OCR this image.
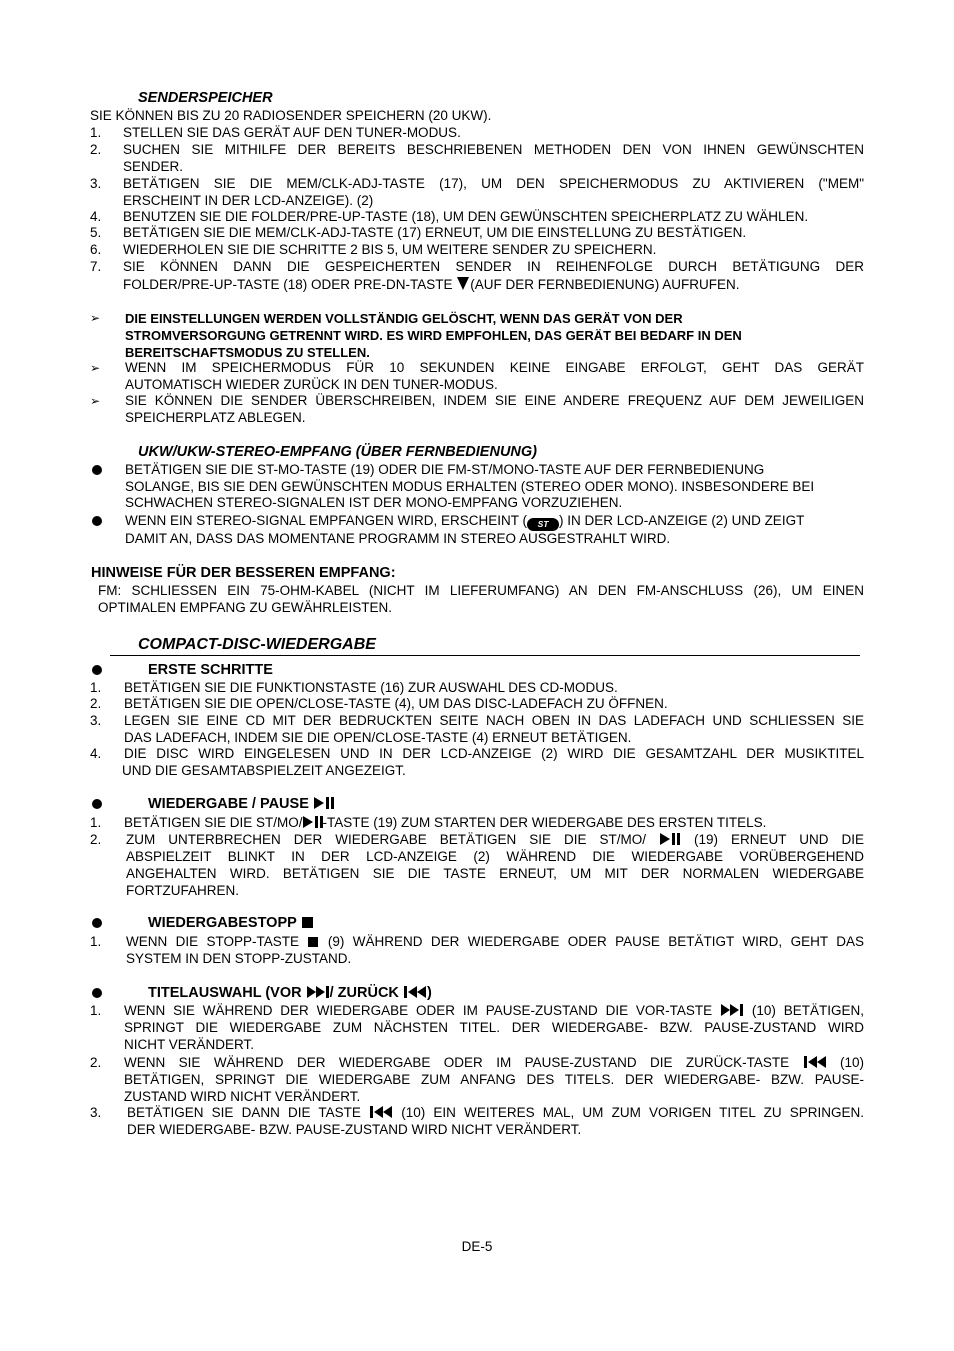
SENDERSPEICHER
SIE KÖNNEN BIS ZU 20 RADIOSENDER SPEICHERN (20 UKW).
1. STELLEN SIE DAS GERÄT AUF DEN TUNER-MODUS.
2. SUCHEN SIE MITHILFE DER BEREITS BESCHRIEBENEN METHODEN DEN VON IHNEN GEWÜNSCHTEN
SENDER.
3. BETÄTIGEN SIE DIE MEM/CLK-ADJ-TASTE (17), UM DEN SPEICHERMODUS ZU AKTIVIEREN ("MEM"
ERSCHEINT IN DER LCD-ANZEIGE). (2)
4. BENUTZEN SIE DIE FOLDER/PRE-UP-TASTE (18), UM DEN GEWÜNSCHTEN SPEICHERPLATZ ZU WÄHLEN.
5. BETÄTIGEN SIE DIE MEM/CLK-ADJ-TASTE (17) ERNEUT, UM DIE EINSTELLUNG ZU BESTÄTIGEN.
6. WIEDERHOLEN SIE DIE SCHRITTE 2 BIS 5, UM WEITERE SENDER ZU SPEICHERN.
7. SIE KÖNNEN DANN DIE GESPEICHERTEN SENDER IN REIHENFOLGE DURCH BETÄTIGUNG DER
FOLDER/PRE-UP-TASTE (18) ODER PRE-DN-TASTE (AUF DER FERNBEDIENUNG) AUFRUFEN.
➢ DIE EINSTELLUNGEN WERDEN VOLLSTÄNDIG GELÖSCHT, WENN DAS GERÄT VON DER
STROMVERSORGUNG GETRENNT WIRD. ES WIRD EMPFOHLEN, DAS GERÄT BEI BEDARF IN DEN
BEREITSCHAFTSMODUS ZU STELLEN.
➢ WENN IM SPEICHERMODUS FÜR 10 SEKUNDEN KEINE EINGABE ERFOLGT, GEHT DAS GERÄT
AUTOMATISCH WIEDER ZURÜCK IN DEN TUNER-MODUS.
➢ SIE KÖNNEN DIE SENDER ÜBERSCHREIBEN, INDEM SIE EINE ANDERE FREQUENZ AUF DEM JEWEILIGEN
SPEICHERPLATZ ABLEGEN.
UKW/UKW-STEREO-EMPFANG (ÜBER FERNBEDIENUNG)
BETÄTIGEN SIE DIE ST-MO-TASTE (19) ODER DIE FM-ST/MONO-TASTE AUF DER FERNBEDIENUNG
SOLANGE, BIS SIE DEN GEWÜNSCHTEN MODUS ERHALTEN (STEREO ODER MONO). INSBESONDERE BEI
SCHWACHEN STEREO-SIGNALEN IST DER MONO-EMPFANG VORZUZIEHEN.
WENN EIN STEREO-SIGNAL EMPFANGEN WIRD, ERSCHEINT ( ST ) IN DER LCD-ANZEIGE (2) UND ZEIGT
DAMIT AN, DASS DAS MOMENTANE PROGRAMM IN STEREO AUSGESTRAHLT WIRD.
HINWEISE FÜR DER BESSEREN EMPFANG:
FM: SCHLIESSEN EIN 75-OHM-KABEL (NICHT IM LIEFERUMFANG) AN DEN FM-ANSCHLUSS (26), UM EINEN
OPTIMALEN EMPFANG ZU GEWÄHRLEISTEN.
COMPACT-DISC-WIEDERGABE
ERSTE SCHRITTE
1. BETÄTIGEN SIE DIE FUNKTIONSTASTE (16) ZUR AUSWAHL DES CD-MODUS.
2. BETÄTIGEN SIE DIE OPEN/CLOSE-TASTE (4), UM DAS DISC-LADEFACH ZU ÖFFNEN.
3. LEGEN SIE EINE CD MIT DER BEDRUCKTEN SEITE NACH OBEN IN DAS LADEFACH UND SCHLIESSEN SIE
DAS LADEFACH, INDEM SIE DIE OPEN/CLOSE-TASTE (4) ERNEUT BETÄTIGEN.
4. DIE DISC WIRD EINGELESEN UND IN DER LCD-ANZEIGE (2) WIRD DIE GESAMTZAHL DER MUSIKTITEL
UND DIE GESAMTABSPIELZEIT ANGEZEIGT.
WIEDERGABE / PAUSE
1. BETÄTIGEN SIE DIE ST/MO/ -TASTE (19) ZUM STARTEN DER WIEDERGABE DES ERSTEN TITELS.
2. ZUM UNTERBRECHEN DER WIEDERGABE BETÄTIGEN SIE DIE ST/MO/  (19) ERNEUT UND DIE
ABSPIELZEIT BLINKT IN DER LCD-ANZEIGE (2) WÄHREND DIE WIEDERGABE VORÜBERGEHEND
ANGEHALTEN WIRD. BETÄTIGEN SIE DIE TASTE ERNEUT, UM MIT DER NORMALEN WIEDERGABE
FORTZUFAHREN.
WIEDERGABESTOPP
1. WENN DIE STOPP-TASTE  (9) WÄHREND DER WIEDERGABE ODER PAUSE BETÄTIGT WIRD, GEHT DAS
SYSTEM IN DEN STOPP-ZUSTAND.
TITELAUSWAHL (VOR / ZURÜCK )
1. WENN SIE WÄHREND DER WIEDERGABE ODER IM PAUSE-ZUSTAND DIE VOR-TASTE  (10) BETÄTIGEN,
SPRINGT DIE WIEDERGABE ZUM NÄCHSTEN TITEL. DER WIEDERGABE- BZW. PAUSE-ZUSTAND WIRD
NICHT VERÄNDERT.
2. WENN SIE WÄHREND DER WIEDERGABE ODER IM PAUSE-ZUSTAND DIE ZURÜCK-TASTE  (10)
BETÄTIGEN, SPRINGT DIE WIEDERGABE ZUM ANFANG DES TITELS. DER WIEDERGABE- BZW. PAUSE-
ZUSTAND WIRD NICHT VERÄNDERT.
3. BETÄTIGEN SIE DANN DIE TASTE  (10) EIN WEITERES MAL, UM ZUM VORIGEN TITEL ZU SPRINGEN.
DER WIEDERGABE- BZW. PAUSE-ZUSTAND WIRD NICHT VERÄNDERT.
DE-5
